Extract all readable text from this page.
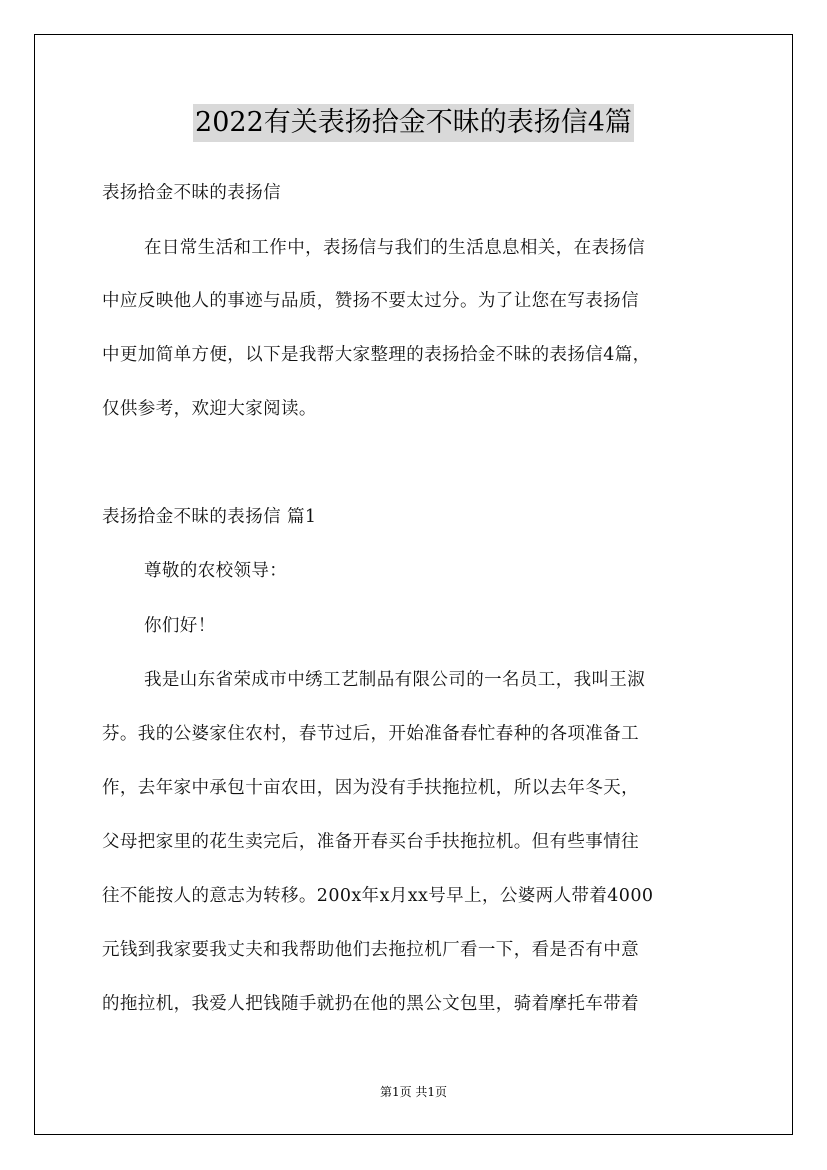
2022有关表扬拾金不昧的表扬信4篇
表扬拾金不昧的表扬信
在日常生活和工作中，表扬信与我们的生活息息相关，在表扬信
中应反映他人的事迹与品质，赞扬不要太过分。为了让您在写表扬信
中更加简单方便，以下是我帮大家整理的表扬拾金不昧的表扬信4篇，
仅供参考，欢迎大家阅读。
表扬拾金不昧的表扬信 篇1
尊敬的农校领导：
你们好！
我是山东省荣成市中绣工艺制品有限公司的一名员工，我叫王淑
芬。我的公婆家住农村，春节过后，开始准备春忙春种的各项准备工
作，去年家中承包十亩农田，因为没有手扶拖拉机，所以去年冬天，
父母把家里的花生卖完后，准备开春买台手扶拖拉机。但有些事情往
往不能按人的意志为转移。200x年x月xx号早上，公婆两人带着4000
元钱到我家要我丈夫和我帮助他们去拖拉机厂看一下，看是否有中意
的拖拉机，我爱人把钱随手就扔在他的黑公文包里，骑着摩托车带着
第1页 共1页
